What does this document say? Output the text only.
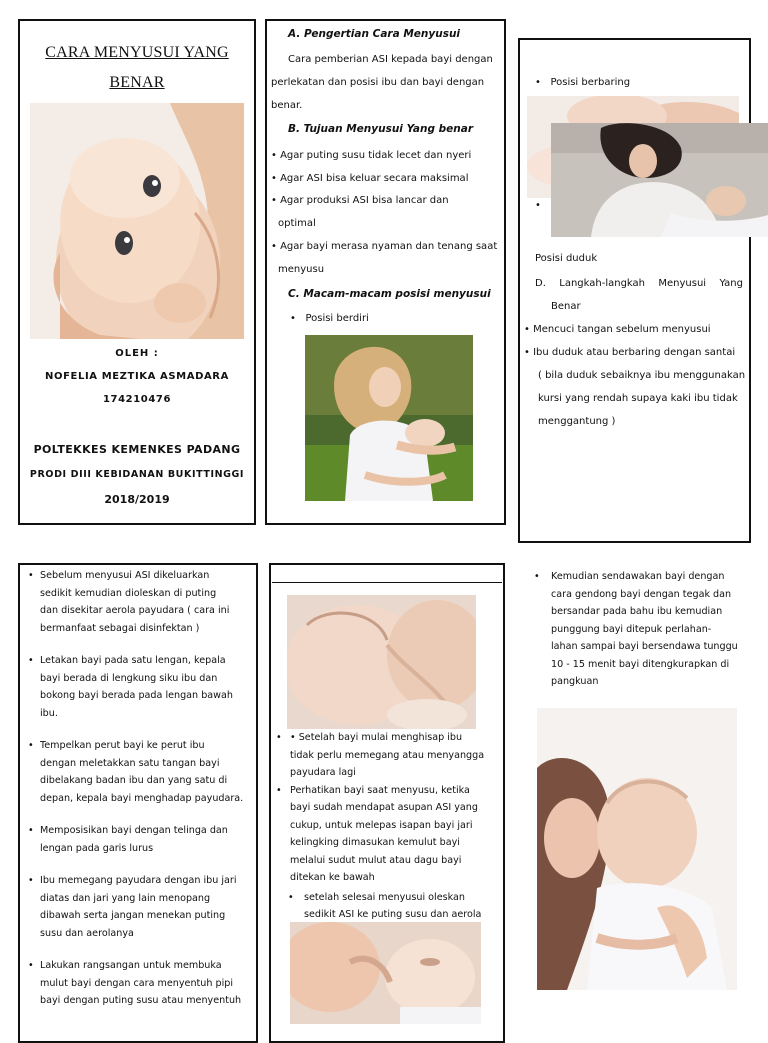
CARA MENYUSUI YANG
BENAR
OLEH :
NOFELIA MEZTIKA ASMADARA
174210476
POLTEKKES KEMENKES PADANG
PRODI DIII KEBIDANAN BUKITTINGGI
2018/2019
A. Pengertian Cara Menyusui
Cara pemberian ASI kepada bayi dengan
perlekatan dan posisi ibu dan bayi dengan
benar.
B. Tujuan Menyusui Yang benar
• Agar puting susu tidak lecet dan nyeri
• Agar ASI bisa keluar secara maksimal
• Agar produksi ASI bisa lancar dan
optimal
• Agar bayi merasa nyaman dan tenang saat
menyusu
C. Macam-macam posisi menyusui
•   Posisi berdiri
•   Posisi berbaring
•
Posisi duduk
D. Langkah-langkah Menyusui Yang
Benar
• Mencuci tangan sebelum menyusui
• Ibu duduk atau berbaring dengan santai
( bila duduk sebaiknya ibu menggunakan
kursi yang rendah supaya kaki ibu tidak
menggantung )
• Sebelum menyusui ASI dikeluarkan
sedikit kemudian dioleskan di puting
dan disekitar aerola payudara ( cara ini
bermanfaat sebagai disinfektan )
• Letakan bayi pada satu lengan, kepala
bayi berada di lengkung siku ibu dan
bokong bayi berada pada lengan bawah
ibu.
• Tempelkan perut bayi ke perut ibu
dengan meletakkan satu tangan bayi
dibelakang badan ibu dan yang satu di
depan, kepala bayi menghadap payudara.
• Memposisikan bayi dengan telinga dan
lengan pada garis lurus
• Ibu memegang payudara dengan ibu jari
diatas dan jari yang lain menopang
dibawah serta jangan menekan puting
susu dan aerolanya
• Lakukan rangsangan untuk membuka
mulut bayi dengan cara menyentuh pipi
bayi dengan puting susu atau menyentuh
• • Setelah bayi mulai menghisap ibu
tidak perlu memegang atau menyangga
payudara lagi
• Perhatikan bayi saat menyusu, ketika
bayi sudah mendapat asupan ASI yang
cukup, untuk melepas isapan bayi jari
kelingking dimasukan kemulut bayi
melalui sudut mulut atau dagu bayi
ditekan ke bawah
• setelah selesai menyusui oleskan
sedikit ASI ke puting susu dan aerola
• Kemudian sendawakan bayi dengan
cara gendong bayi dengan tegak dan
bersandar pada bahu ibu kemudian
punggung bayi ditepuk perlahan-
lahan sampai bayi bersendawa tunggu
10 - 15 menit bayi ditengkurapkan di
pangkuan
